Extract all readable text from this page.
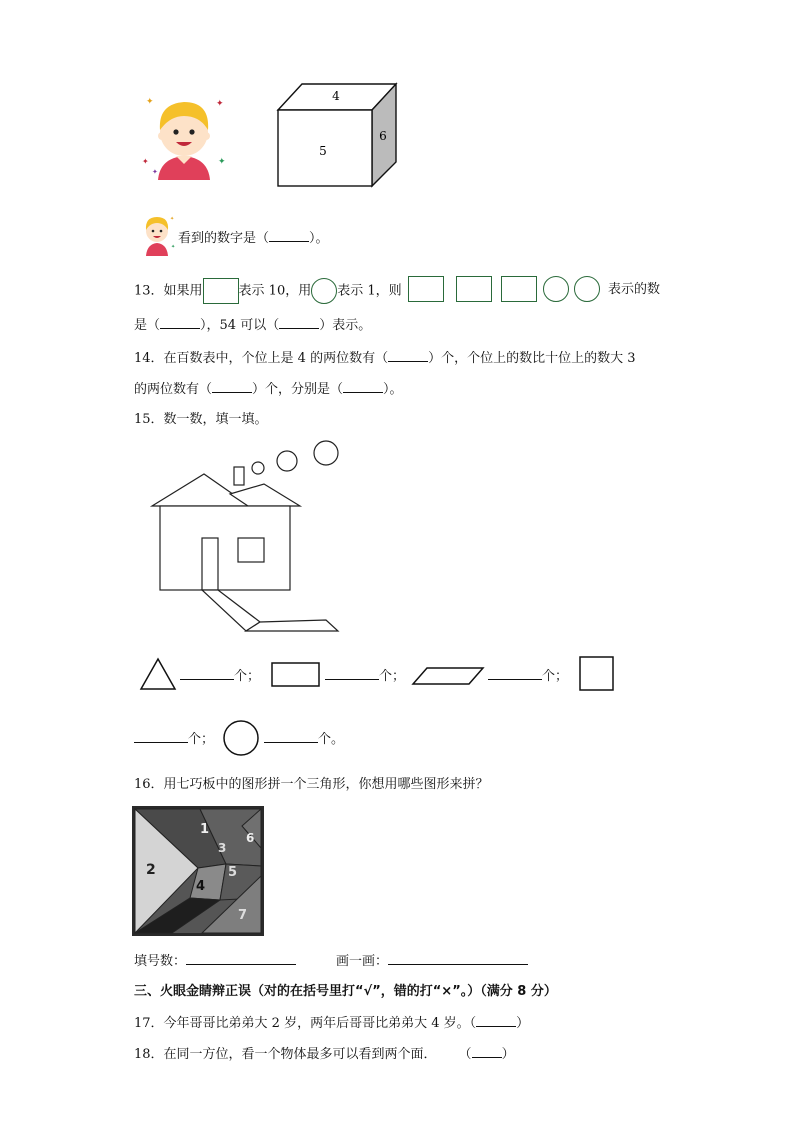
✦	✦
✦	✦
✦
4
5
6
✦
✦
看到的数字是（	）。
13．如果用	表示 10，用 表示 1，则	表示的数
是（	），54 可以（	）表示。
14．在百数表中，个位上是 4 的两位数有（	）个，个位上的数比十位上的数大 3
的两位数有（	）个，分别是（	）。
15．数一数，填一填。
个；	个；	个；
个；	个。
16．用七巧板中的图形拼一个三角形，你想用哪些图形来拼？
1
2
3
4
5
6
7
填号数：	画一画：
三、火眼金睛辩正误（对的在括号里打“√”，错的打“×”。）（满分 8 分）
17．今年哥哥比弟弟大 2 岁，两年后哥哥比弟弟大 4 岁。（	）
18．在同一方位，看一个物体最多可以看到两个面． （ ）
